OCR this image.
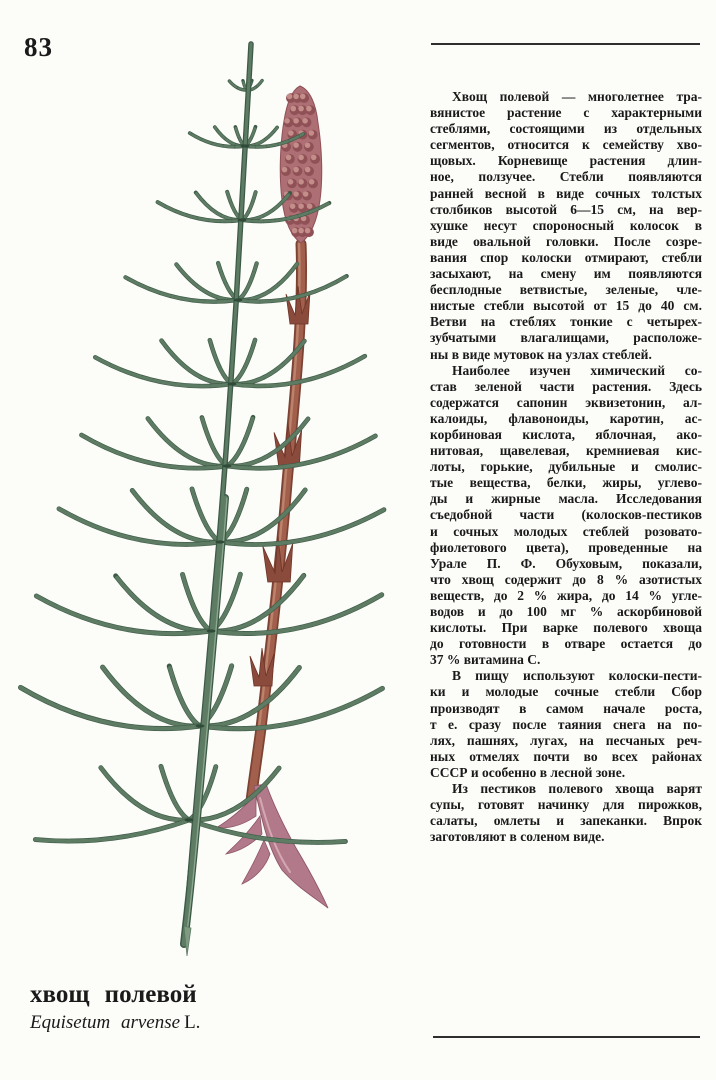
83
Хвощ полевой — многолетнее тра-
вянистое растение с характерными
стеблями, состоящими из отдельных
сегментов, относится к семейству хво-
щовых. Корневище растения длин-
ное, ползучее. Стебли появляются
ранней весной в виде сочных толстых
столбиков высотой 6—15 см, на вер-
хушке несут спороносный колосок в
виде овальной головки. После созре-
вания спор колоски отмирают, стебли
засыхают, на смену им появляются
бесплодные ветвистые, зеленые, чле-
нистые стебли высотой от 15 до 40 см.
Ветви на стеблях тонкие с четырех-
зубчатыми влагалищами, расположе-
ны в виде мутовок на узлах стеблей.
Наиболее изучен химический со-
став зеленой части растения. Здесь
содержатся сапонин эквизетонин, ал-
калоиды, флавоноиды, каротин, ас-
корбиновая кислота, яблочная, ако-
нитовая, щавелевая, кремниевая кис-
лоты, горькие, дубильные и смолис-
тые вещества, белки, жиры, углево-
ды и жирные масла. Исследования
съедобной части (колосков-пестиков
и сочных молодых стеблей розовато-
фиолетового цвета), проведенные на
Урале П. Ф. Обуховым, показали,
что хвощ содержит до 8 % азотистых
веществ, до 2 % жира, до 14 % угле-
водов и до 100 мг % аскорбиновой
кислоты. При варке полевого хвоща
до готовности в отваре остается до
37 % витамина С.
В пищу используют колоски-пести-
ки и молодые сочные стебли Сбор
производят в самом начале роста,
т е. сразу после таяния снега на по-
лях, пашнях, лугах, на песчаных реч-
ных отмелях почти во всех районах
СССР и особенно в лесной зоне.
Из пестиков полевого хвоща варят
супы, готовят начинку для пирожков,
салаты, омлеты и запеканки. Впрок
заготовляют в соленом виде.
хвощ полевой
Equisetum arvense L.
